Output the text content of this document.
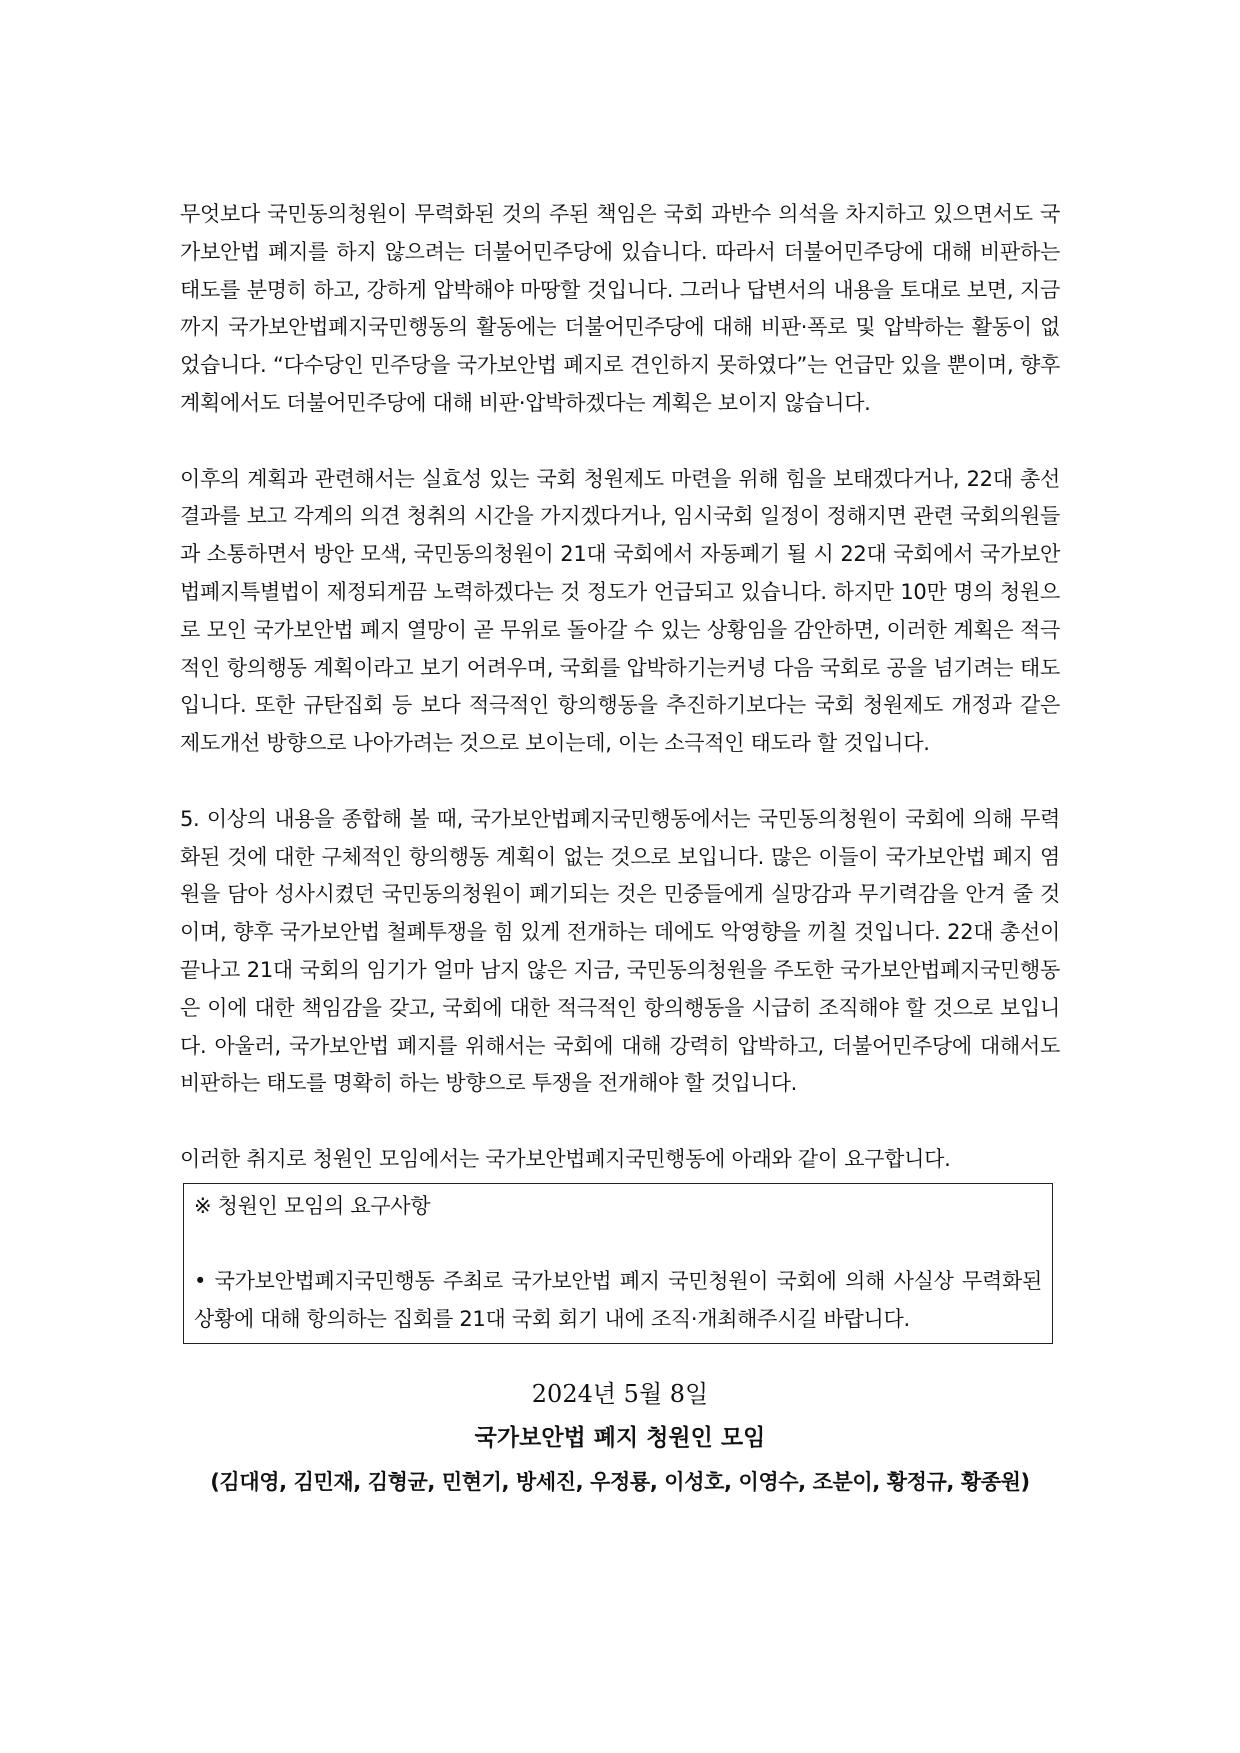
무엇보다 국민동의청원이 무력화된 것의 주된 책임은 국회 과반수 의석을 차지하고 있으면서도 국가보안법 폐지를 하지 않으려는 더불어민주당에 있습니다. 따라서 더불어민주당에 대해 비판하는 태도를 분명히 하고, 강하게 압박해야 마땅할 것입니다. 그러나 답변서의 내용을 토대로 보면, 지금까지 국가보안법폐지국민행동의 활동에는 더불어민주당에 대해 비판·폭로 및 압박하는 활동이 없었습니다. “다수당인 민주당을 국가보안법 폐지로 견인하지 못하였다”는 언급만 있을 뿐이며, 향후 계획에서도 더불어민주당에 대해 비판·압박하겠다는 계획은 보이지 않습니다.

이후의 계획과 관련해서는 실효성 있는 국회 청원제도 마련을 위해 힘을 보태겠다거나, 22대 총선 결과를 보고 각계의 의견 청취의 시간을 가지겠다거나, 임시국회 일정이 정해지면 관련 국회의원들과 소통하면서 방안 모색, 국민동의청원이 21대 국회에서 자동폐기 될 시 22대 국회에서 국가보안법폐지특별법이 제정되게끔 노력하겠다는 것 정도가 언급되고 있습니다. 하지만 10만 명의 청원으로 모인 국가보안법 폐지 열망이 곧 무위로 돌아갈 수 있는 상황임을 감안하면, 이러한 계획은 적극적인 항의행동 계획이라고 보기 어려우며, 국회를 압박하기는커녕 다음 국회로 공을 넘기려는 태도입니다. 또한 규탄집회 등 보다 적극적인 항의행동을 추진하기보다는 국회 청원제도 개정과 같은 제도개선 방향으로 나아가려는 것으로 보이는데, 이는 소극적인 태도라 할 것입니다.

5. 이상의 내용을 종합해 볼 때, 국가보안법폐지국민행동에서는 국민동의청원이 국회에 의해 무력화된 것에 대한 구체적인 항의행동 계획이 없는 것으로 보입니다. 많은 이들이 국가보안법 폐지 염원을 담아 성사시켰던 국민동의청원이 폐기되는 것은 민중들에게 실망감과 무기력감을 안겨 줄 것이며, 향후 국가보안법 철폐투쟁을 힘 있게 전개하는 데에도 악영향을 끼칠 것입니다. 22대 총선이 끝나고 21대 국회의 임기가 얼마 남지 않은 지금, 국민동의청원을 주도한 국가보안법폐지국민행동은 이에 대한 책임감을 갖고, 국회에 대한 적극적인 항의행동을 시급히 조직해야 할 것으로 보입니다. 아울러, 국가보안법 폐지를 위해서는 국회에 대해 강력히 압박하고, 더불어민주당에 대해서도 비판하는 태도를 명확히 하는 방향으로 투쟁을 전개해야 할 것입니다.

이러한 취지로 청원인 모임에서는 국가보안법폐지국민행동에 아래와 같이 요구합니다.

※ 청원인 모임의 요구사항
• 국가보안법폐지국민행동 주최로 국가보안법 폐지 국민청원이 국회에 의해 사실상 무력화된 상황에 대해 항의하는 집회를 21대 국회 회기 내에 조직·개최해주시길 바랍니다.
2024년 5월 8일
국가보안법 폐지 청원인 모임
(김대영, 김민재, 김형균, 민현기, 방세진, 우정룡, 이성호, 이영수, 조분이, 황정규, 황종원)
